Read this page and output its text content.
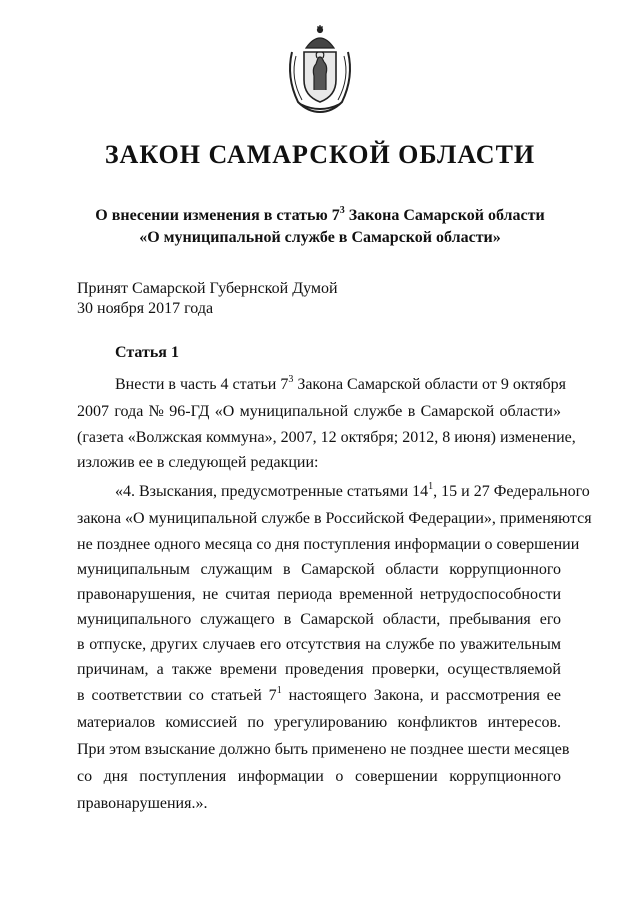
ЗАКОН САМАРСКОЙ ОБЛАСТИ
О внесении изменения в статью $7^3$ Закона Самарской области
«О муниципальной службе в Самарской области»
Принят Самарской Губернской Думой
30 ноября 2017 года
Статья 1
Внести в часть 4 статьи $7^3$ Закона Самарской области от 9 октября
2007 года № 96-ГД «О муниципальной службе в Самарской области»
(газета «Волжская коммуна», 2007, 12 октября; 2012, 8 июня) изменение,
изложив ее в следующей редакции:
«4. Взыскания, предусмотренные статьями $14^1$, 15 и 27 Федерального
закона «О муниципальной службе в Российской Федерации», применяются
не позднее одного месяца со дня поступления информации о совершении
муниципальным служащим в Самарской области коррупционного
правонарушения, не считая периода временной нетрудоспособности
муниципального служащего в Самарской области, пребывания его
в отпуске, других случаев его отсутствия на службе по уважительным
причинам, а также времени проведения проверки, осуществляемой
в соответствии со статьей $7^1$ настоящего Закона, и рассмотрения ее
материалов комиссией по урегулированию конфликтов интересов.
При этом взыскание должно быть применено не позднее шести месяцев
со дня поступления информации о совершении коррупционного
правонарушения.».
